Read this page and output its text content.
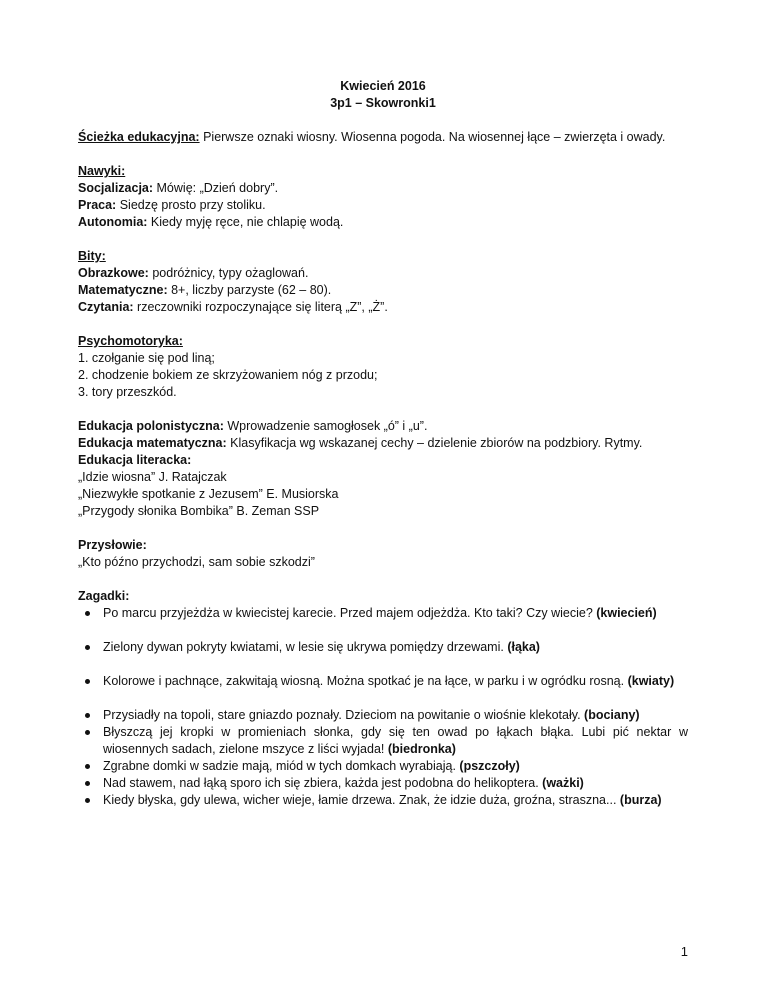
Kwiecień 2016
3p1 – Skowronki1
Ścieżka edukacyjna: Pierwsze oznaki wiosny. Wiosenna pogoda. Na wiosennej łące – zwierzęta i owady.
Nawyki:
Socjalizacja: Mówię: „Dzień dobry”.
Praca: Siedzę prosto przy stoliku.
Autonomia: Kiedy myję ręce, nie chlapię wodą.
Bity:
Obrazkowe: podróżnicy, typy ożaglowań.
Matematyczne: 8+, liczby parzyste (62 – 80).
Czytania: rzeczowniki rozpoczynające się literą „Z”, „Ż”.
Psychomotoryka:
1. czołganie się pod liną;
2. chodzenie bokiem ze skrzyżowaniem nóg z przodu;
3. tory przeszkód.
Edukacja polonistyczna: Wprowadzenie samogłosek „ó” i „u”.
Edukacja matematyczna: Klasyfikacja wg wskazanej cechy – dzielenie zbiorów na podzbiory. Rytmy.
Edukacja literacka:
„Idzie wiosna” J. Ratajczak
„Niezwykłe spotkanie z Jezusem” E. Musiorska
„Przygody słonika Bombika” B. Zeman SSP
Przysłowie:
„Kto późno przychodzi, sam sobie szkodzi”
Zagadki:
Po marcu przyjeżdża w kwiecistej karecie. Przed majem odjeżdża. Kto taki? Czy wiecie? (kwiecień)
Zielony dywan pokryty kwiatami, w lesie się ukrywa pomiędzy drzewami. (łąka)
Kolorowe i pachnące, zakwitają wiosną. Można spotkać je na łące, w parku i w ogródku rosną. (kwiaty)
Przysiadły na topoli, stare gniazdo poznały. Dzieciom na powitanie o wiośnie klekotały. (bociany)
Błyszczą jej kropki w promieniach słonka, gdy się ten owad po łąkach błąka. Lubi pić nektar w wiosennych sadach, zielone mszyce z liści wyjada! (biedronka)
Zgrabne domki w sadzie mają, miód w tych domkach wyrabiają. (pszczoły)
Nad stawem, nad łąką sporo ich się zbiera, każda jest podobna do helikoptera. (ważki)
Kiedy błyska, gdy ulewa, wicher wieje, łamie drzewa. Znak, że idzie duża, groźna, straszna... (burza)
1
